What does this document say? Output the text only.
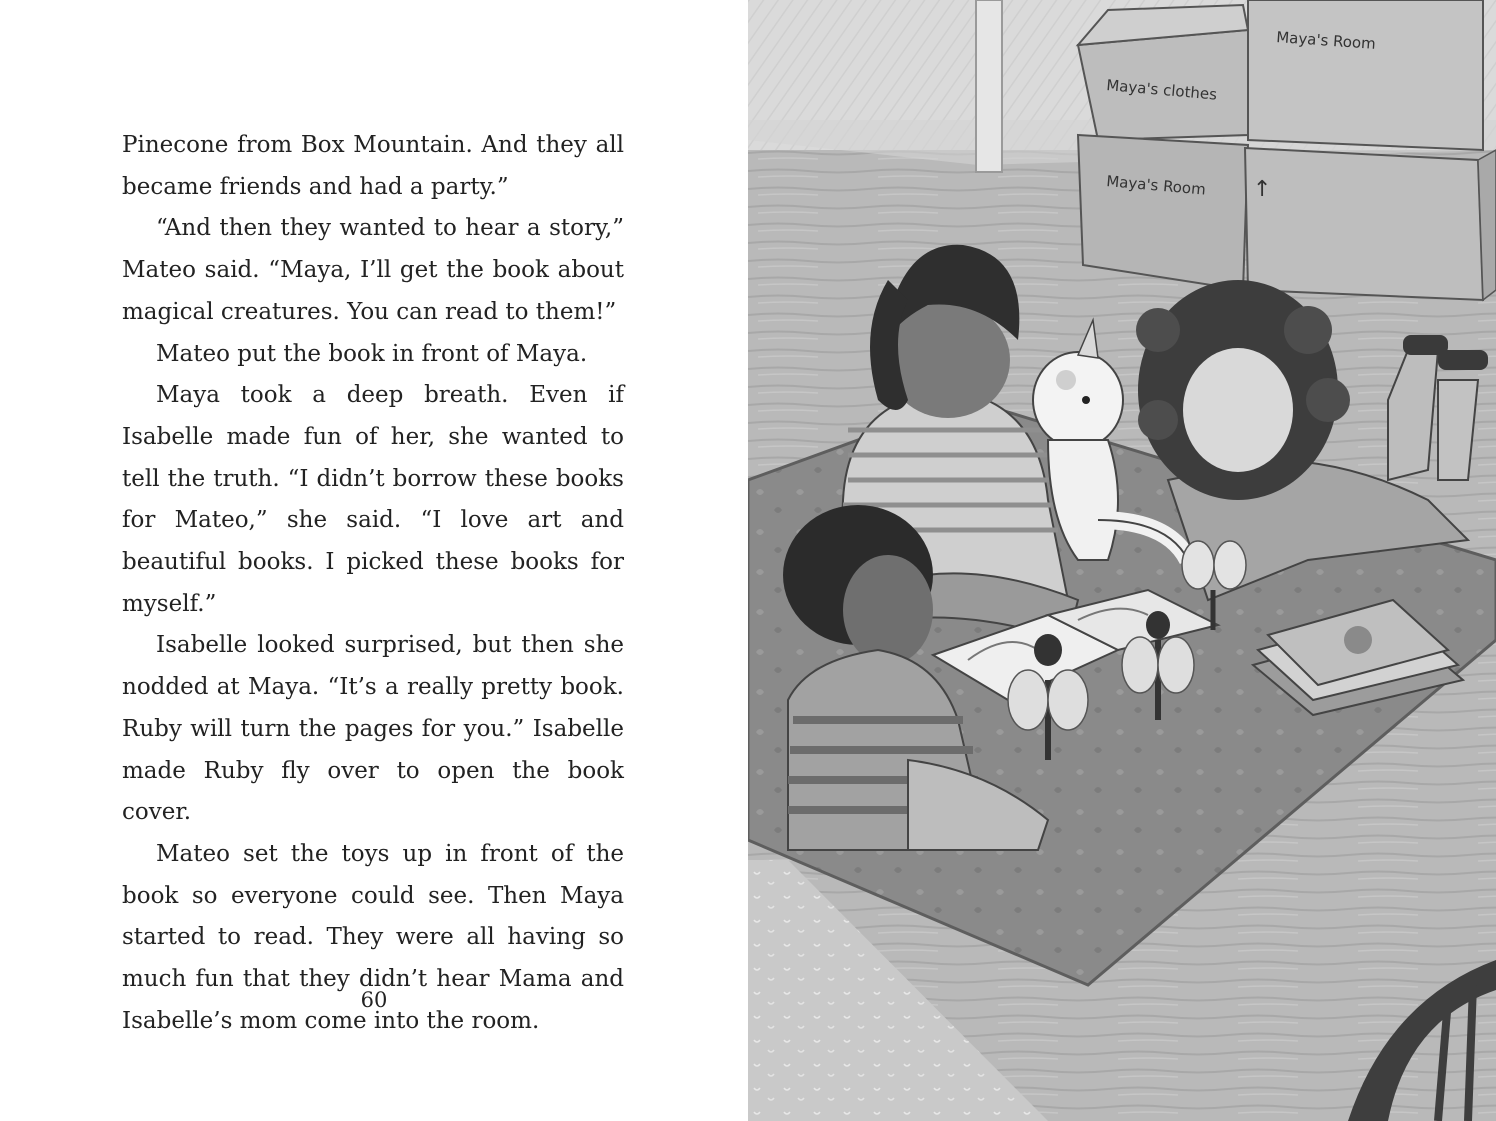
Pinecone from Box Mountain. And they all became friends and had a party.”

“And then they wanted to hear a story,” Mateo said. “Maya, I’ll get the book about magical creatures. You can read to them!”

Mateo put the book in front of Maya.

Maya took a deep breath. Even if Isabelle made fun of her, she wanted to tell the truth. “I didn’t borrow these books for Mateo,” she said. “I love art and beautiful books. I picked these books for myself.”

Isabelle looked surprised, but then she nodded at Maya. “It’s a really pretty book. Ruby will turn the pages for you.” Isabelle made Ruby fly over to open the book cover.

Mateo set the toys up in front of the book so everyone could see. Then Maya started to read. They were all having so much fun that they didn’t hear Mama and Isabelle’s mom come into the room.

60
Maya's Room
Maya's clothes
Maya's Room ↑
